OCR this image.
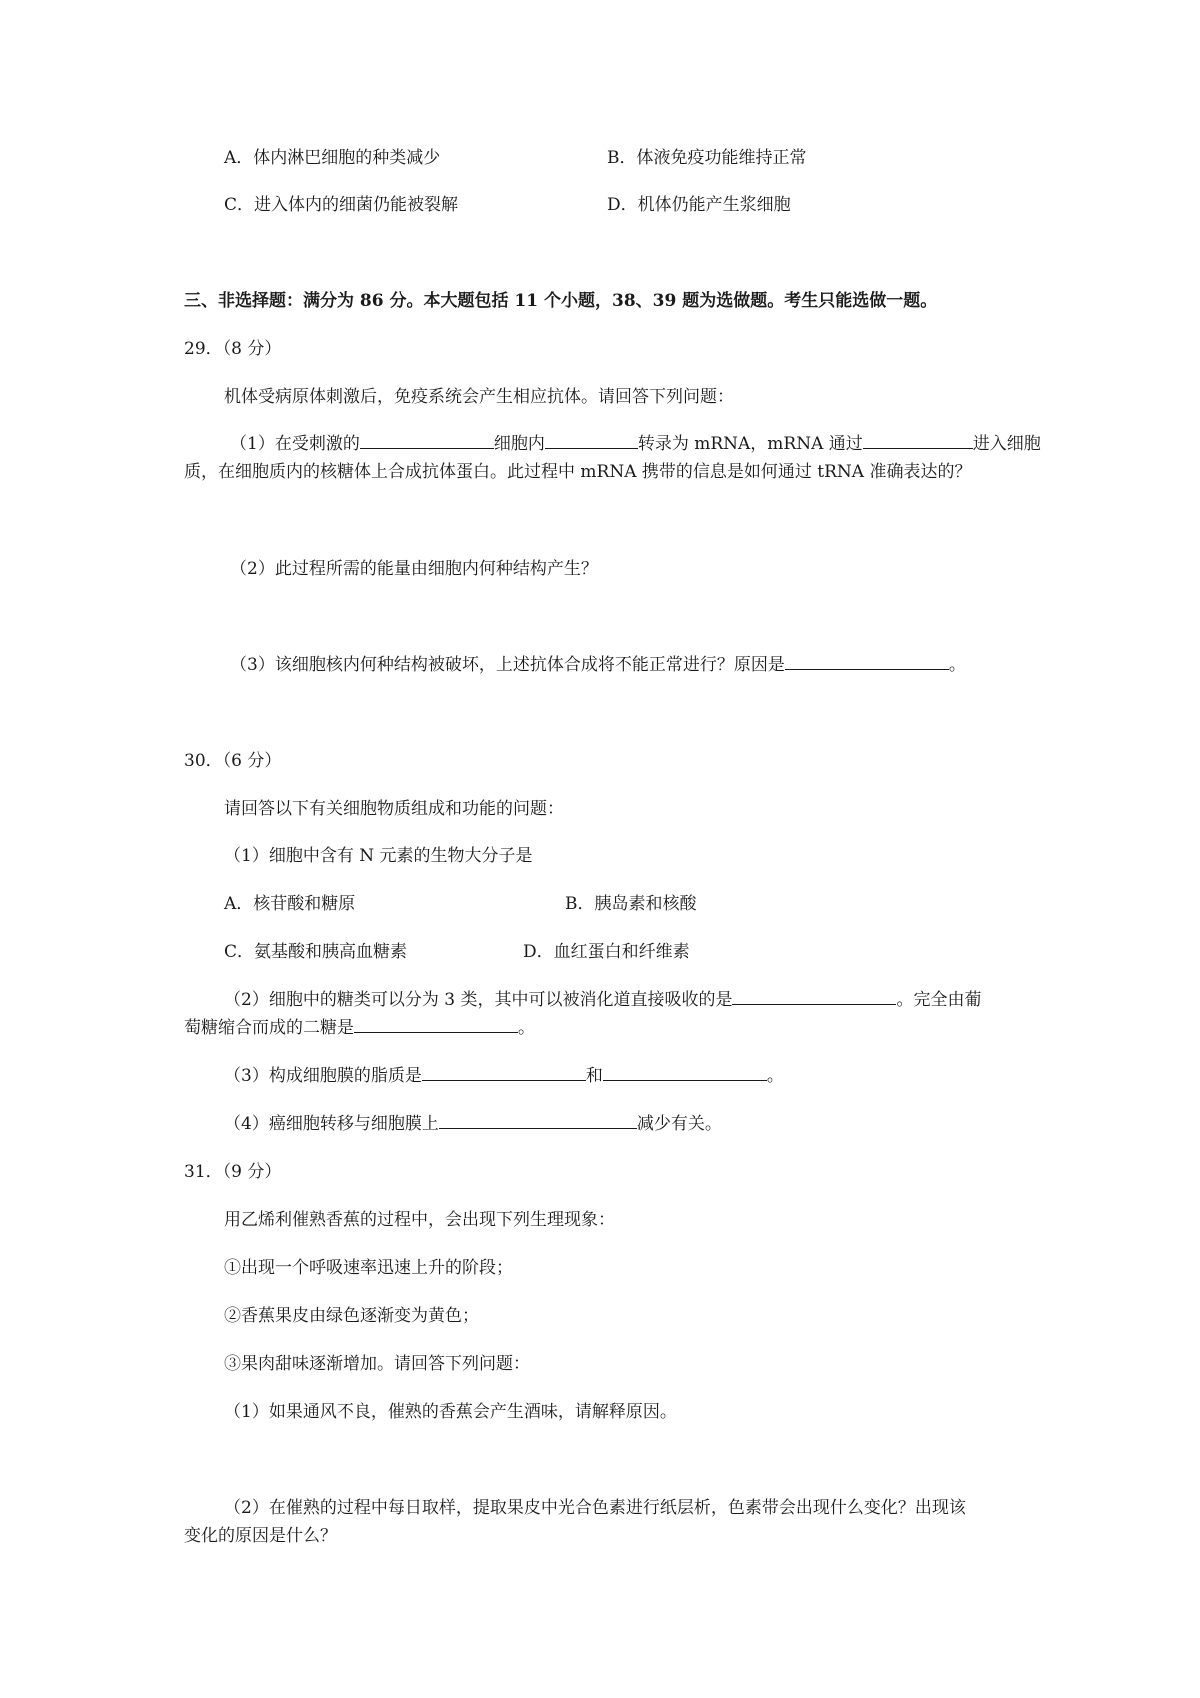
A．体内淋巴细胞的种类减少	B．体液免疫功能维持正常
C．进入体内的细菌仍能被裂解	D．机体仍能产生浆细胞
三、非选择题：满分为 86 分。本大题包括 11 个小题，38、39 题为选做题。考生只能选做一题。
29．（8 分）
机体受病原体刺激后，免疫系统会产生相应抗体。请回答下列问题：
（1）在受刺激的	细胞内	转录为 mRNA，mRNA 通过	进入细胞
质，在细胞质内的核糖体上合成抗体蛋白。此过程中 mRNA 携带的信息是如何通过 tRNA 准确表达的？
（2）此过程所需的能量由细胞内何种结构产生？
（3）该细胞核内何种结构被破坏，上述抗体合成将不能正常进行？原因是	。
30．（6 分）
请回答以下有关细胞物质组成和功能的问题：
（1）细胞中含有 N 元素的生物大分子是
A．核苷酸和糖原	B．胰岛素和核酸
C．氨基酸和胰高血糖素	D．血红蛋白和纤维素
（2）细胞中的糖类可以分为 3 类，其中可以被消化道直接吸收的是	。完全由葡
萄糖缩合而成的二糖是	。
（3）构成细胞膜的脂质是	和	。
（4）癌细胞转移与细胞膜上	减少有关。
31．（9 分）
用乙烯利催熟香蕉的过程中，会出现下列生理现象：
①出现一个呼吸速率迅速上升的阶段；
②香蕉果皮由绿色逐渐变为黄色；
③果肉甜味逐渐增加。请回答下列问题：
（1）如果通风不良，催熟的香蕉会产生酒味，请解释原因。
（2）在催熟的过程中每日取样，提取果皮中光合色素进行纸层析，色素带会出现什么变化？出现该
变化的原因是什么？
